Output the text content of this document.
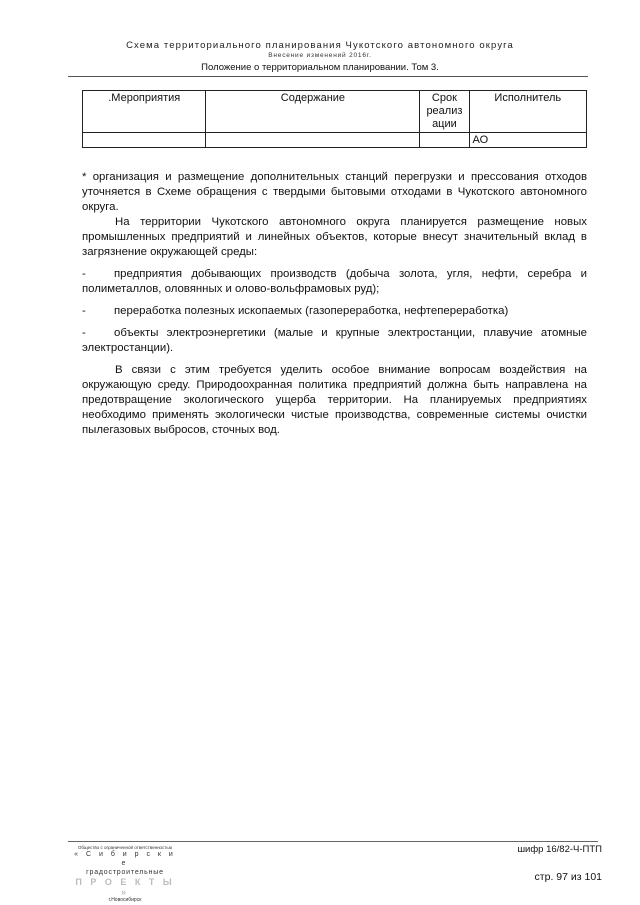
Схема территориального планирования Чукотского автономного округа
Внесение изменений 2016г.
Положение о территориальном планировании. Том 3.
.Мероприятия	Содержание	Срок реализ ации	Исполнитель
			АО

* организация и размещение дополнительных станций перегрузки и прессования отходов уточняется в Схеме обращения с твердыми бытовыми отходами в Чукотского автономного округа.

На территории Чукотского автономного округа планируется размещение новых промышленных предприятий и линейных объектов, которые внесут значительный вклад в загрязнение окружающей среды:

- предприятия добывающих производств (добыча золота, угля, нефти, серебра и полиметаллов, оловянных и олово-вольфрамовых руд);

- переработка полезных ископаемых (газопереработка, нефтепереработка)

- объекты электроэнергетики (малые и крупные электростанции, плавучие атомные электростанции).

В связи с этим требуется уделить особое внимание вопросам воздействия на окружающую среду. Природоохранная политика предприятий должна быть направлена на предотвращение экологического ущерба территории. На планируемых предприятиях необходимо применять экологически чистые производства, современные системы очистки пылегазовых выбросов, сточных вод.

Общество с ограниченной ответственностью
« С и б и р с к и е
градостроительные
П Р О Е К Т Ы »
г.Новосибирск
шифр 16/82-Ч-ПТП
стр. 97 из 101
